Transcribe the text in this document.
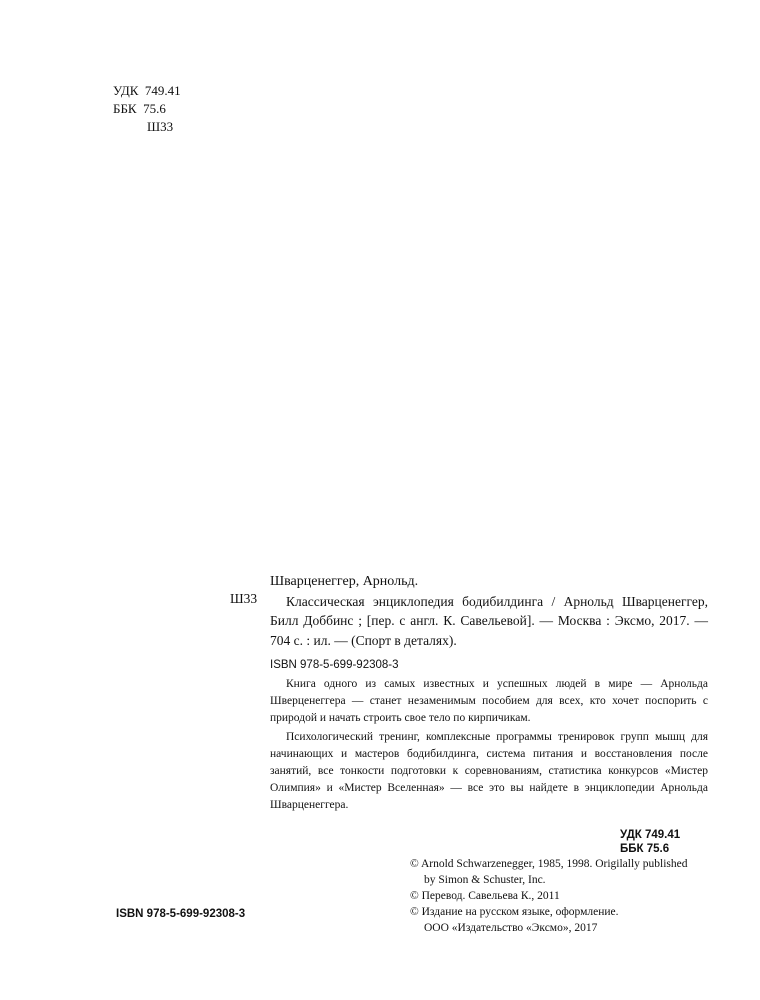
УДК  749.41
ББК  75.6
Ш33
Ш33
Шварценеггер, Арнольд.
Классическая энциклопедия бодибилдинга / Арнольд Шварценеггер, Билл Доббинс ; [пер. с англ. К. Савельевой]. — Москва : Эксмо, 2017. — 704 с. : ил. — (Спорт в деталях).
ISBN 978-5-699-92308-3

Книга одного из самых известных и успешных людей в мире — Арнольда Шверценеггера — станет незаменимым пособием для всех, кто хочет поспорить с природой и начать строить свое тело по кирпичикам.

Психологический тренинг, комплексные программы тренировок групп мышц для начинающих и мастеров бодибилдинга, система питания и восстановления после занятий, все тонкости подготовки к соревнованиям, статистика конкурсов «Мистер Олимпия» и «Мистер Вселенная» — все это вы найдете в энциклопедии Арнольда Шварценеггера.

УДК 749.41
ББК 75.6
© Arnold Schwarzenegger, 1985, 1998. Origilally published
by Simon & Schuster, Inc.
© Перевод. Савельева К., 2011
© Издание на русском языке, оформление.
ООО «Издательство «Эксмо», 2017
ISBN 978-5-699-92308-3
